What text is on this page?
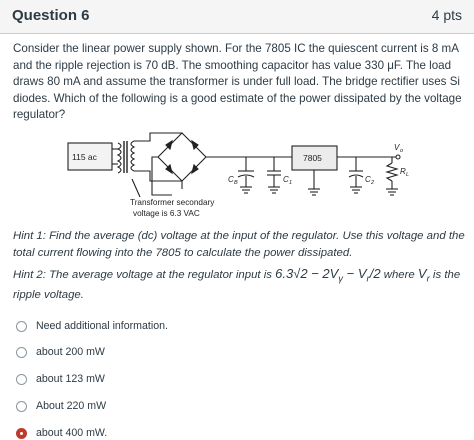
Question 6	4 pts
Consider the linear power supply shown. For the 7805 IC the quiescent current is 8 mA and the ripple rejection is 70 dB. The smoothing capacitor has value 330 μF. The load draws 80 mA and assume the transformer is under full load. The bridge rectifier uses Si diodes. Which of the following is a good estimate of the power dissipated by the voltage regulator?
115 ac	7805
C B	C 1	C 2
V o
R L
Transformer secondary
voltage is 6.3 VAC
Hint 1: Find the average (dc) voltage at the input of the regulator. Use this voltage and the total current flowing into the 7805 to calculate the power dissipated.
Hint 2: The average voltage at the regulator input is $6.3√2 - 2V_\gamma - V_r/2$ where $V_r$ is the ripple voltage.
Need additional information.
about 200 mW
about 123 mW
About 220 mW
about 400 mW.
